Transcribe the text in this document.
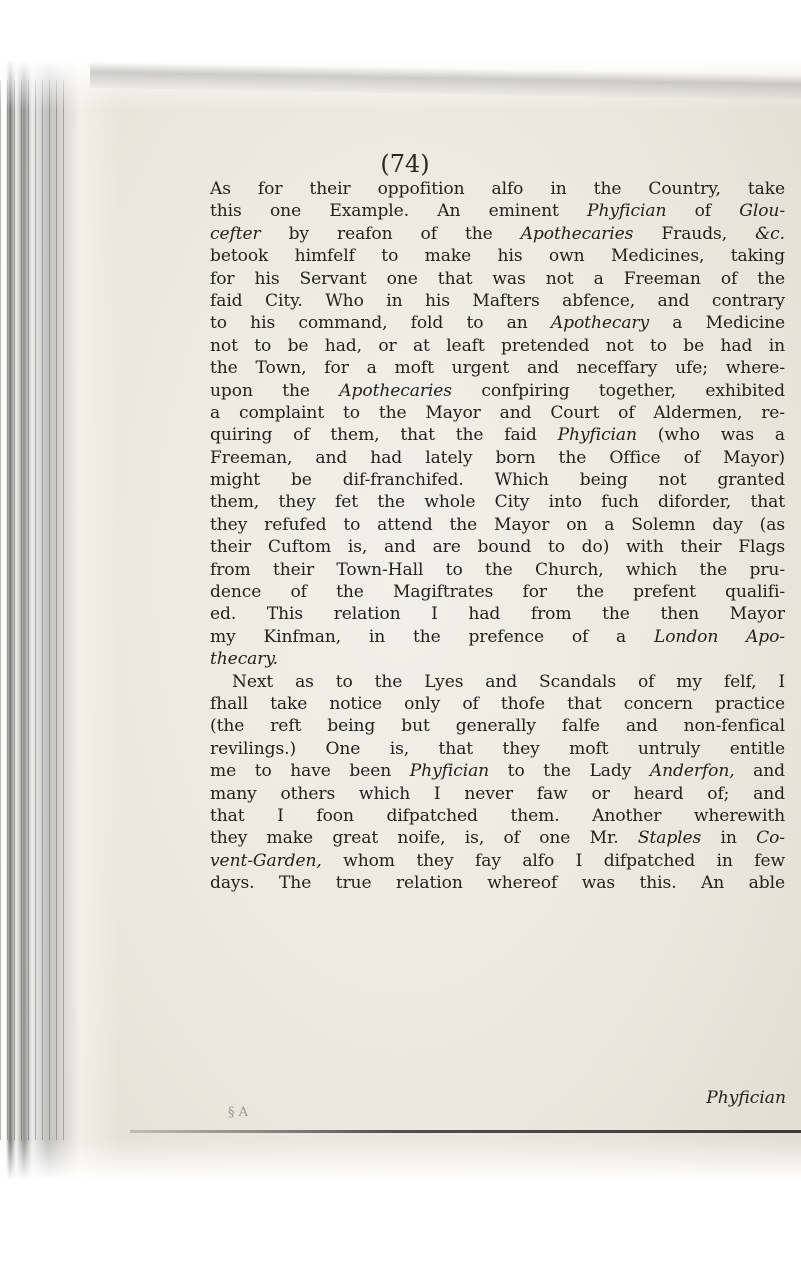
(74)
As for their oppofition alfo in the Country, take
this one Example. An eminent Phyfician of Glou-
cefter by reafon of the Apothecaries Frauds, &c.
betook himfelf to make his own Medicines, taking
for his Servant one that was not a Freeman of the
faid City. Who in his Mafters abfence, and contrary
to his command, fold to an Apothecary a Medicine
not to be had, or at leaft pretended not to be had in
the Town, for a moft urgent and neceffary ufe; where-
upon the Apothecaries confpiring together, exhibited
a complaint to the Mayor and Court of Aldermen, re-
quiring of them, that the faid Phyfician (who was a
Freeman, and had lately born the Office of Mayor)
might be dif-franchifed. Which being not granted
them, they fet the whole City into fuch diforder, that
they refufed to attend the Mayor on a Solemn day (as
their Cuftom is, and are bound to do) with their Flags
from their Town-Hall to the Church, which the pru-
dence of the Magiftrates for the prefent qualifi-
ed. This relation I had from the then Mayor
my Kinfman, in the prefence of a London Apo-
thecary.
Next as to the Lyes and Scandals of my felf, I
fhall take notice only of thofe that concern practice
(the reft being but generally falfe and non-fenfical
revilings.) One is, that they moft untruly entitle
me to have been Phyfician to the Lady Anderfon, and
many others which I never faw or heard of; and
that I foon difpatched them. Another wherewith
they make great noife, is, of one Mr. Staples in Co-
vent-Garden, whom they fay alfo I difpatched in few
days. The true relation whereof was this. An able
Phyfician
§ A
